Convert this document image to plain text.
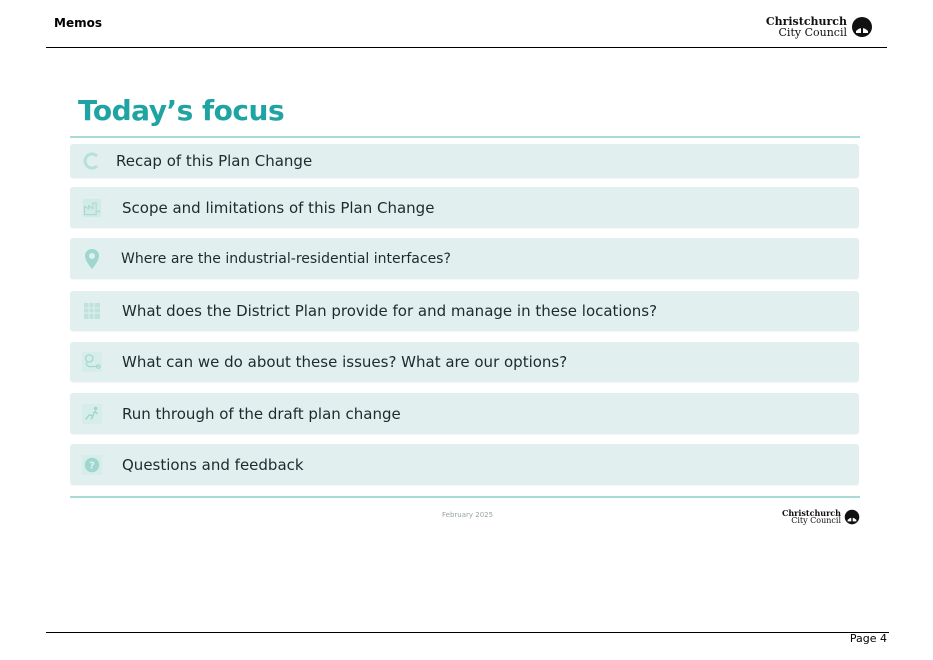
Memos	Christchurch
City Council
Today’s focus
Recap of this Plan Change
Scope and limitations of this Plan Change
Where are the industrial-residential interfaces?
What does the District Plan provide for and manage in these locations?
What can we do about these issues? What are our options?
Run through of the draft plan change
? Questions and feedback
February 2025	Christchurch
City Council
Page 4
